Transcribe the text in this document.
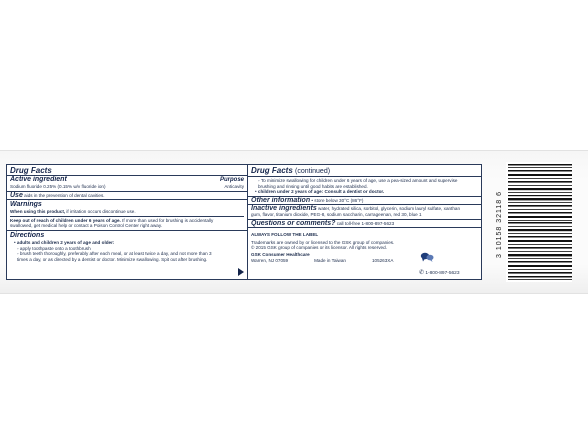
Drug Facts
Active ingredient	Purpose
Sodium fluoride 0.25% (0.15% w/v fluoride ion)	Anticavity
Use aids in the prevention of dental cavities.
Warnings
When using this product, if irritation occurs discontinue use.
Keep out of reach of children under 6 years of age. If more than used for brushing is accidentally
swallowed, get medical help or contact a Poison Control Center right away.
Directions
• adults and children 2 years of age and older:
◦ apply toothpaste onto a toothbrush
◦ brush teeth thoroughly, preferably after each meal, or at least twice a day, and not more than 3
times a day, or as directed by a dentist or doctor. Minimize swallowing. Spit out after brushing.
Drug Facts (continued)
◦ To minimize swallowing for children under 6 years of age, use a pea-sized amount and supervise
brushing and rinsing until good habits are established.
• children under 2 years of age: Consult a dentist or doctor.
Other information • store below 30°C (86°F)
Inactive ingredients water, hydrated silica, sorbitol, glycerin, sodium lauryl sulfate, xanthan
gum, flavor, titanium dioxide, PEG-8, sodium saccharin, carrageenan, red 30, blue 1
Questions or comments? call toll-free 1-800-897-5623
ALWAYS FOLLOW THE LABEL
Trademarks are owned by or licensed to the GSK group of companies.
© 2015 GSK group of companies or its licensor. All rights reserved.
GSK Consumer Healthcare
Warren, NJ 07059	Made in Taiwan	105263XA
✆ 1-800-897-5623
3 10158 32118 6
